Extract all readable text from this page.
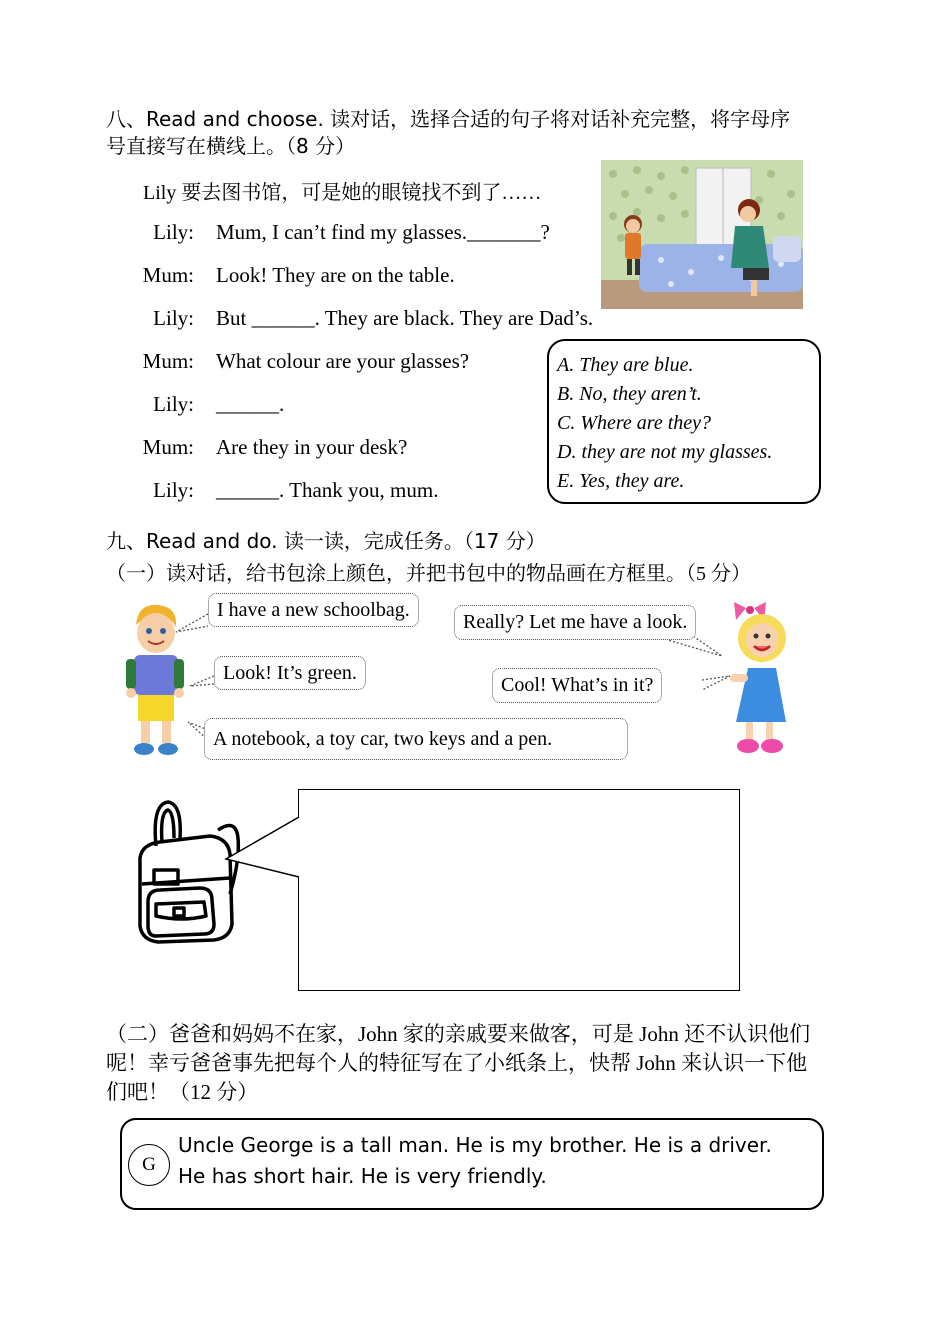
八、Read and choose. 读对话，选择合适的句子将对话补充完整，将字母序
号直接写在横线上。（8 分）
Lily 要去图书馆，可是她的眼镜找不到了……
Lily: Mum, I can’t find my glasses._______?
Mum: Look! They are on the table.
Lily: But ______. They are black. They are Dad’s.
Mum: What colour are your glasses?
Lily: ______.
Mum: Are they in your desk?
Lily: ______. Thank you, mum.
A. They are blue.
B. No, they aren’t.
C. Where are they?
D. they are not my glasses.
E. Yes, they are.
九、Read and do. 读一读，完成任务。（17 分）
（一）读对话，给书包涂上颜色，并把书包中的物品画在方框里。（5 分）
I have a new schoolbag.
Really? Let me have a look.
Look! It’s green.
Cool! What’s in it?
A notebook, a toy car, two keys and a pen.
（二）爸爸和妈妈不在家，John 家的亲戚要来做客，可是 John 还不认识他们
呢！幸亏爸爸事先把每个人的特征写在了小纸条上，快帮 John 来认识一下他
们吧！（12 分）
G
Uncle George is a tall man. He is my brother. He is a driver.
He has short hair. He is very friendly.
